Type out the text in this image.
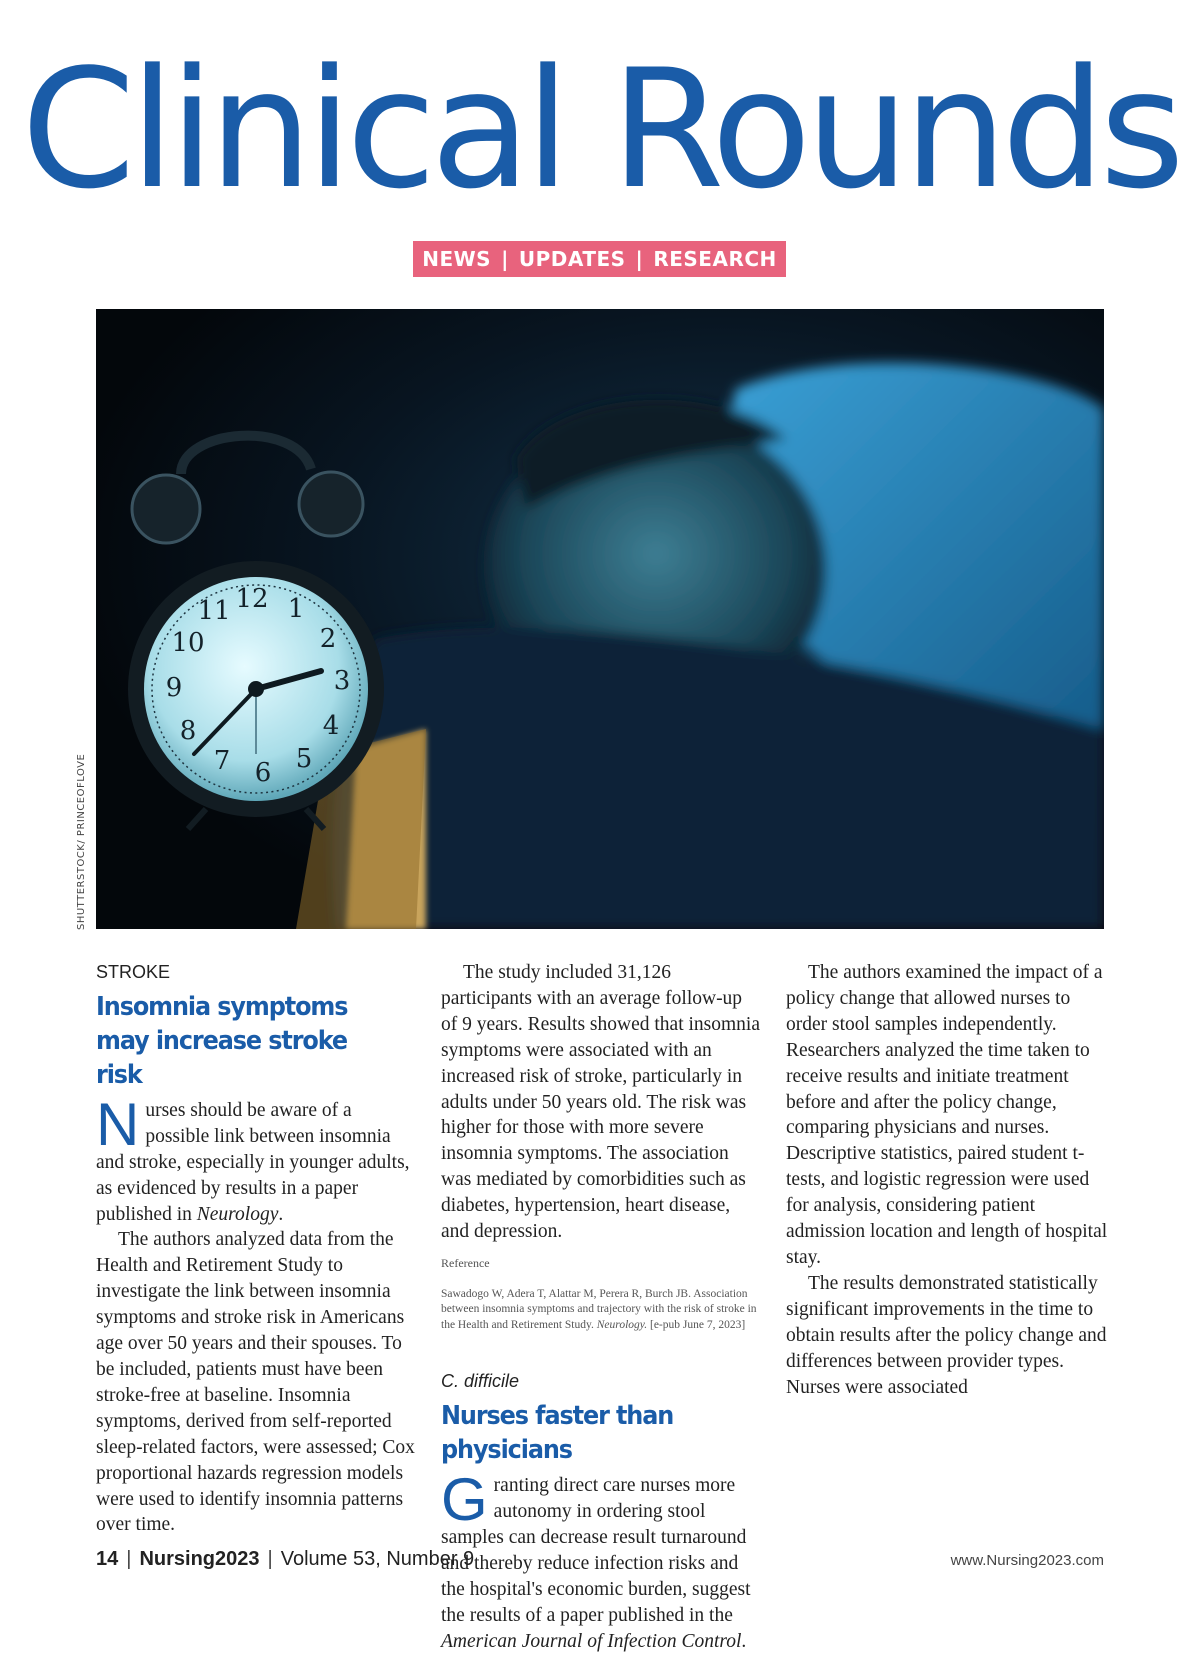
Clinical Rounds
NEWS | UPDATES | RESEARCH
12 1
2
3
4
5
6
7
8
9
10
11
SHUTTERSTOCK/ PRINCEOFLOVE
STROKE
Insomnia symptoms may increase stroke risk

Nurses should be aware of a possible link between insomnia and stroke, especially in younger adults, as evidenced by results in a paper published in Neurology.

The authors analyzed data from the Health and Retirement Study to investigate the link between insomnia symptoms and stroke risk in Americans age over 50 years and their spouses. To be included, patients must have been stroke-free at baseline. Insomnia symptoms, derived from self-reported sleep-related factors, were assessed; Cox proportional hazards regression models were used to identify insomnia patterns over time.

The study included 31,126 participants with an average follow-up of 9 years. Results showed that insomnia symptoms were associated with an increased risk of stroke, particularly in adults under 50 years old. The risk was higher for those with more severe insomnia symptoms. The association was mediated by comorbidities such as diabetes, hypertension, heart disease, and depression.

Reference
Sawadogo W, Adera T, Alattar M, Perera R, Burch JB. Association between insomnia symptoms and trajectory with the risk of stroke in the Health and Retirement Study. Neurology. [e-pub June 7, 2023]
C. difficile
Nurses faster than physicians

Granting direct care nurses more autonomy in ordering stool samples can decrease result turnaround and thereby reduce infection risks and the hospital's economic burden, suggest the results of a paper published in the American Journal of Infection Control.

The authors examined the impact of a policy change that allowed nurses to order stool samples independently. Researchers analyzed the time taken to receive results and initiate treatment before and after the policy change, comparing physicians and nurses. Descriptive statistics, paired student t-tests, and logistic regression were used for analysis, considering patient admission location and length of hospital stay.

The results demonstrated statistically significant improvements in the time to obtain results after the policy change and differences between provider types. Nurses were associated

14 | Nursing2023 | Volume 53, Number 9	www.Nursing2023.com
